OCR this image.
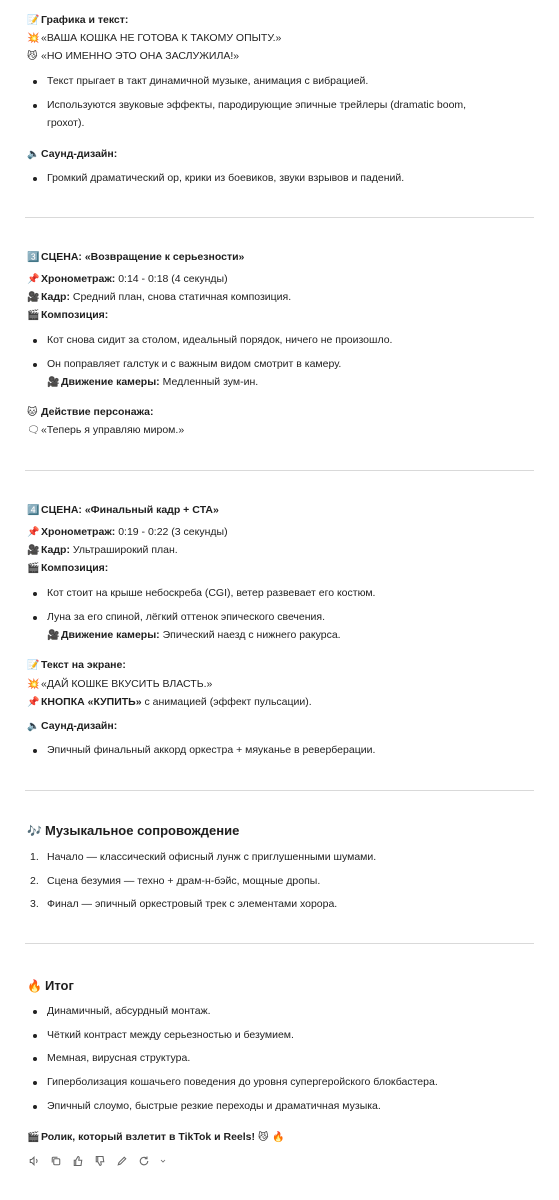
📝 Графика и текст:
💥 «ВАША КОШКА НЕ ГОТОВА К ТАКОМУ ОПЫТУ.»
😼 «НО ИМЕННО ЭТО ОНА ЗАСЛУЖИЛА!»
Текст прыгает в такт динамичной музыке, анимация с вибрацией.
Используются звуковые эффекты, пародирующие эпичные трейлеры (dramatic boom,
грохот).
🔈 Саунд-дизайн:
Громкий драматический ор, крики из боевиков, звуки взрывов и падений.
3️⃣ СЦЕНА: «Возвращение к серьезности»
📌 Хронометраж: 0:14 - 0:18 (4 секунды)
🎥 Кадр: Средний план, снова статичная композиция.
🎬 Композиция:
Кот снова сидит за столом, идеальный порядок, ничего не произошло.
Он поправляет галстук и с важным видом смотрит в камеру.
🎥 Движение камеры: Медленный зум-ин.
🐱 Действие персонажа:
🗨«Теперь я управляю миром.»
4️⃣ СЦЕНА: «Финальный кадр + CTA»
📌 Хронометраж: 0:19 - 0:22 (3 секунды)
🎥 Кадр: Ультраширокий план.
🎬 Композиция:
Кот стоит на крыше небоскреба (CGI), ветер развевает его костюм.
Луна за его спиной, лёгкий оттенок эпического свечения.
🎥 Движение камеры: Эпический наезд с нижнего ракурса.
📝 Текст на экране:
💥 «ДАЙ КОШКЕ ВКУСИТЬ ВЛАСТЬ.»
📌 КНОПКА «КУПИТЬ» с анимацией (эффект пульсации).
🔈 Саунд-дизайн:
Эпичный финальный аккорд оркестра + мяуканье в реверберации.
🎶 Музыкальное сопровождение
1. Начало — классический офисный лунж с приглушенными шумами.
2. Сцена безумия — техно + драм-н-бэйс, мощные дропы.
3. Финал — эпичный оркестровый трек с элементами хорора.
🔥 Итог
Динамичный, абсурдный монтаж.
Чёткий контраст между серьезностью и безумием.
Мемная, вирусная структура.
Гиперболизация кошачьего поведения до уровня супергеройского блокбастера.
Эпичный слоумо, быстрые резкие переходы и драматичная музыка.
🎬 Ролик, который взлетит в TikTok и Reels! 😼 🔥
